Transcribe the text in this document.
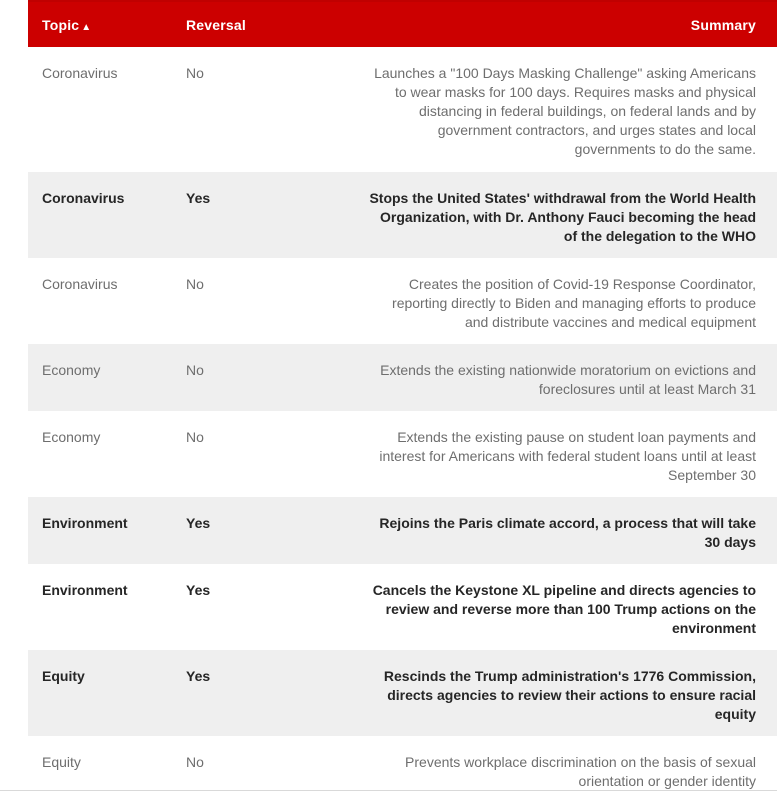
Topic ▲	Reversal	Summary
Coronavirus	No	Launches a "100 Days Masking Challenge" asking Americans to wear masks for 100 days. Requires masks and physical distancing in federal buildings, on federal lands and by government contractors, and urges states and local governments to do the same.
Coronavirus	Yes	Stops the United States' withdrawal from the World Health Organization, with Dr. Anthony Fauci becoming the head of the delegation to the WHO
Coronavirus	No	Creates the position of Covid-19 Response Coordinator, reporting directly to Biden and managing efforts to produce and distribute vaccines and medical equipment
Economy	No	Extends the existing nationwide moratorium on evictions and foreclosures until at least March 31
Economy	No	Extends the existing pause on student loan payments and interest for Americans with federal student loans until at least September 30
Environment	Yes	Rejoins the Paris climate accord, a process that will take 30 days
Environment	Yes	Cancels the Keystone XL pipeline and directs agencies to review and reverse more than 100 Trump actions on the environment
Equity	Yes	Rescinds the Trump administration's 1776 Commission, directs agencies to review their actions to ensure racial equity
Equity	No	Prevents workplace discrimination on the basis of sexual orientation or gender identity
